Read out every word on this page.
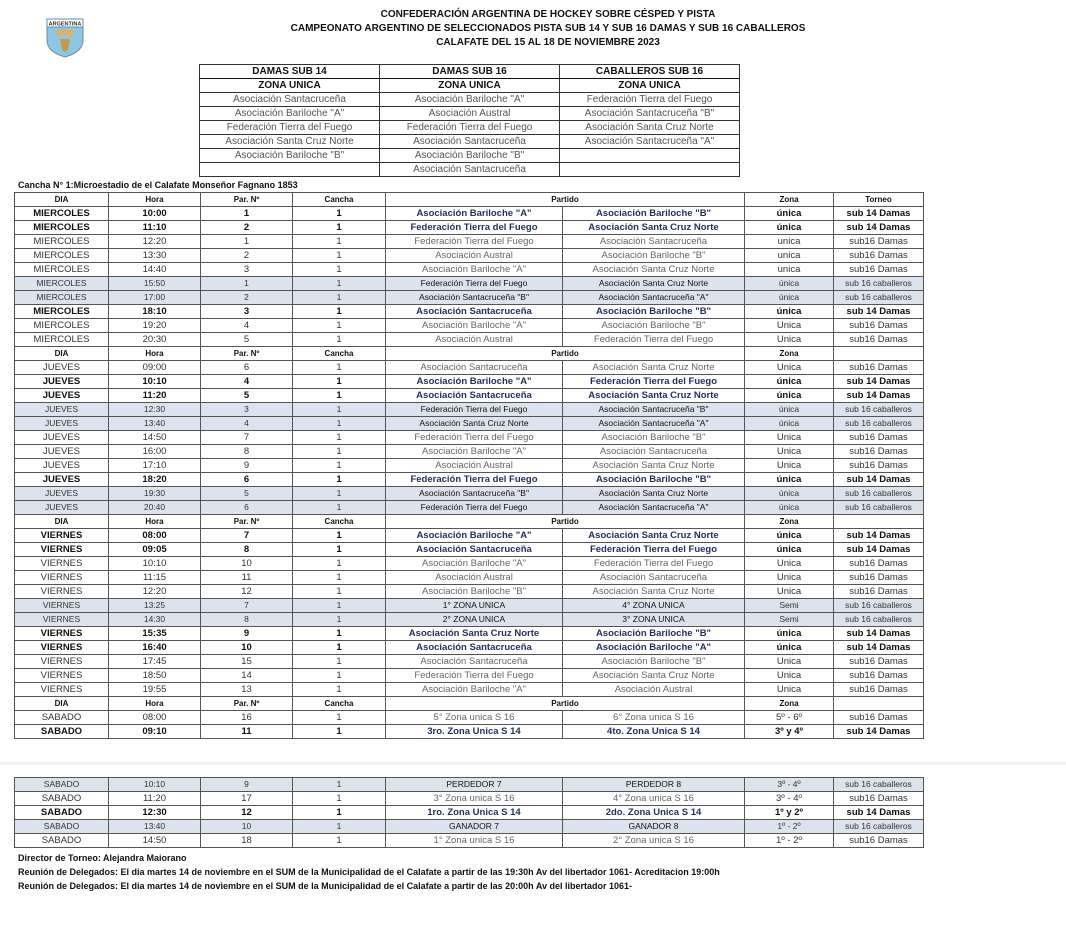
ARGENTINA
CONFEDERACIÓN ARGENTINA DE HOCKEY SOBRE CÉSPED Y PISTA
CAMPEONATO ARGENTINO DE SELECCIONADOS PISTA SUB 14 Y SUB 16 DAMAS Y SUB 16 CABALLEROS
CALAFATE DEL 15 AL 18 DE NOVIEMBRE 2023
DAMAS SUB 14	DAMAS SUB 16	CABALLEROS SUB 16
ZONA UNICA	ZONA UNICA	ZONA UNICA
Asociación Santacruceña	Asociación Bariloche "A"	Federación Tierra del Fuego
Asociación Bariloche "A"	Asociación Austral	Asociación Santacruceña "B"
Federación Tierra del Fuego	Federación Tierra del Fuego	Asociación Santa Cruz Norte
Asociación Santa Cruz Norte	Asociación Santacruceña	Asociación Santacruceña "A"
Asociación Bariloche "B"	Asociación Bariloche "B"	
	Asociación Santacruceña	
Cancha N° 1:Microestadio de el Calafate Monseñor Fagnano 1853
DIA	Hora	Par. Nº	Cancha	Partido		Zona	Torneo
MIERCOLES	10:00	1	1	Asociación Bariloche "A"	Asociación Bariloche "B"	única	sub 14 Damas
MIERCOLES	11:10	2	1	Federación Tierra del Fuego	Asociación Santa Cruz Norte	única	sub 14 Damas
MIERCOLES	12:20	1	1	Federación Tierra del Fuego	Asociación Santacruceña	unica	sub16 Damas
MIERCOLES	13:30	2	1	Asociación Austral	Asociación Bariloche "B"	unica	sub16 Damas
MIERCOLES	14:40	3	1	Asociación Bariloche "A"	Asociación Santa Cruz Norte	unica	sub16 Damas
MIERCOLES	15:50	1	1	Federación Tierra del Fuego	Asociación Santa Cruz Norte	única	sub 16 caballeros
MIERCOLES	17:00	2	1	Asociación Santacruceña "B"	Asociación Santacruceña "A"	única	sub 16 caballeros
MIERCOLES	18:10	3	1	Asociación Santacruceña	Asociación Bariloche "B"	única	sub 14 Damas
MIERCOLES	19:20	4	1	Asociación Bariloche "A"	Asociación Bariloche "B"	Unica	sub16 Damas
MIERCOLES	20:30	5	1	Asociación Austral	Federación Tierra del Fuego	Unica	sub16 Damas
DIA	Hora	Par. Nº	Cancha	Partido		Zona	
JUEVES	09:00	6	1	Asociación Santacruceña	Asociación Santa Cruz Norte	Unica	sub16 Damas
JUEVES	10:10	4	1	Asociación Bariloche "A"	Federación Tierra del Fuego	única	sub 14 Damas
JUEVES	11:20	5	1	Asociación Santacruceña	Asociación Santa Cruz Norte	única	sub 14 Damas
JUEVES	12:30	3	1	Federación Tierra del Fuego	Asociación Santacruceña "B"	única	sub 16 caballeros
JUEVES	13:40	4	1	Asociación Santa Cruz Norte	Asociación Santacruceña "A"	única	sub 16 caballeros
JUEVES	14:50	7	1	Federación Tierra del Fuego	Asociación Bariloche "B"	Unica	sub16 Damas
JUEVES	16:00	8	1	Asociación Bariloche "A"	Asociación Santacruceña	Unica	sub16 Damas
JUEVES	17:10	9	1	Asociación Austral	Asociación Santa Cruz Norte	Unica	sub16 Damas
JUEVES	18:20	6	1	Federación Tierra del Fuego	Asociación Bariloche "B"	única	sub 14 Damas
JUEVES	19:30	5	1	Asociación Santacruceña "B"	Asociación Santa Cruz Norte	única	sub 16 caballeros
JUEVES	20:40	6	1	Federación Tierra del Fuego	Asociación Santacruceña "A"	única	sub 16 caballeros
DIA	Hora	Par. Nº	Cancha	Partido		Zona	
VIERNES	08:00	7	1	Asociación Bariloche "A"	Asociación Santa Cruz Norte	única	sub 14 Damas
VIERNES	09:05	8	1	Asociación Santacruceña	Federación Tierra del Fuego	única	sub 14 Damas
VIERNES	10:10	10	1	Asociación Bariloche "A"	Federación Tierra del Fuego	Unica	sub16 Damas
VIERNES	11:15	11	1	Asociación Austral	Asociación Santacruceña	Unica	sub16 Damas
VIERNES	12:20	12	1	Asociación Bariloche "B"	Asociación Santa Cruz Norte	Unica	sub16 Damas
VIERNES	13:25	7	1	1° ZONA UNICA	4° ZONA UNICA	Semi	sub 16 caballeros
VIERNES	14:30	8	1	2° ZONA UNICA	3° ZONA UNICA	Semi	sub 16 caballeros
VIERNES	15:35	9	1	Asociación Santa Cruz Norte	Asociación Bariloche "B"	única	sub 14 Damas
VIERNES	16:40	10	1	Asociación Santacruceña	Asociación Bariloche "A"	única	sub 14 Damas
VIERNES	17:45	15	1	Asociación Santacruceña	Asociación Bariloche "B"	Unica	sub16 Damas
VIERNES	18:50	14	1	Federación Tierra del Fuego	Asociación Santa Cruz Norte	Unica	sub16 Damas
VIERNES	19:55	13	1	Asociación Bariloche "A"	Asociación Austral	Unica	sub16 Damas
DIA	Hora	Par. Nº	Cancha	Partido		Zona	
SABADO	08:00	16	1	5° Zona unica S 16	6° Zona unica S 16	5º - 6º	sub16 Damas
SABADO	09:10	11	1	3ro. Zona Unica S 14	4to. Zona Unica S 14	3º y 4º	sub 14 Damas
SABADO	10:10	9	1	PERDEDOR 7	PERDEDOR 8	3º - 4º	sub 16 caballeros
SABADO	11:20	17	1	3° Zona unica S 16	4° Zona unica S 16	3º - 4º	sub16 Damas
SABADO	12:30	12	1	1ro. Zona Unica S 14	2do. Zona Unica S 14	1º y 2º	sub 14 Damas
SABADO	13:40	10	1	GANADOR 7	GANADOR 8	1º - 2º	sub 16 caballeros
SABADO	14:50	18	1	1° Zona unica S 16	2° Zona unica S 16	1º - 2º	sub16 Damas
Director de Torneo: Alejandra Maiorano
Reunión de Delegados: El dia martes 14 de noviembre en el SUM de la Municipalidad de el Calafate a partir de las 19:30h Av del libertador 1061- Acreditacion 19:00h
Reunión de Delegados: El dia martes 14 de noviembre en el SUM de la Municipalidad de el Calafate a partir de las 20:00h Av del libertador 1061-
